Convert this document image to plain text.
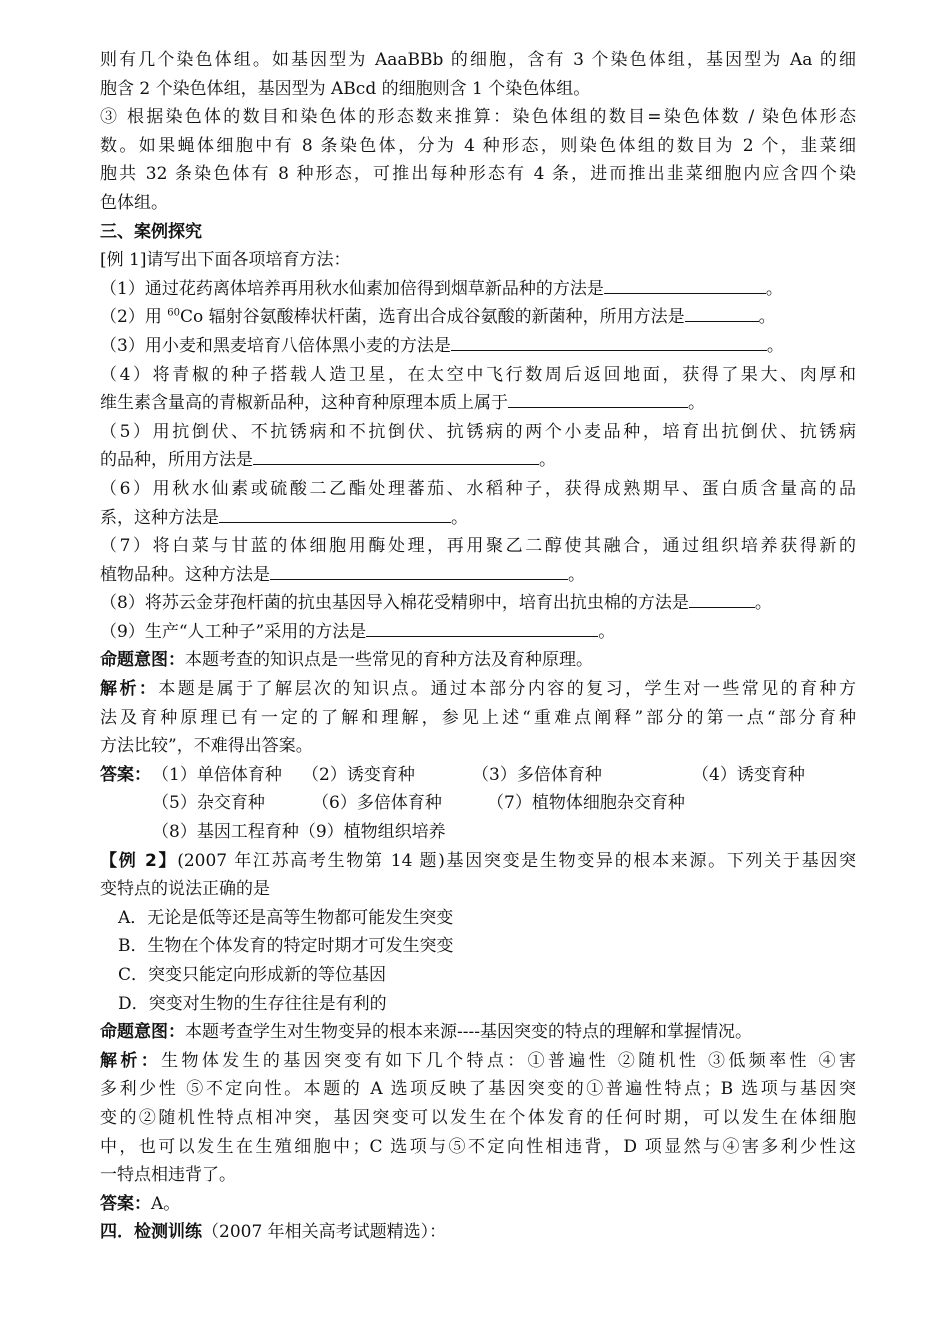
则有几个染色体组。如基因型为 AaaBBb 的细胞，含有 3 个染色体组，基因型为 Aa 的细
胞含 2 个染色体组，基因型为 ABcd 的细胞则含 1 个染色体组。
③ 根据染色体的数目和染色体的形态数来推算：染色体组的数目=染色体数 / 染色体形态
数。如果蝇体细胞中有 8 条染色体，分为 4 种形态，则染色体组的数目为 2 个，韭菜细
胞共 32 条染色体有 8 种形态，可推出每种形态有 4 条，进而推出韭菜细胞内应含四个染
色体组。
三、案例探究
[例 1]请写出下面各项培育方法：
（1）通过花药离体培养再用秋水仙素加倍得到烟草新品种的方法是	。
（2）用 $^{60}$Co 辐射谷氨酸棒状杆菌，选育出合成谷氨酸的新菌种，所用方法是	。
（3）用小麦和黑麦培育八倍体黑小麦的方法是	。
（4）将青椒的种子搭载人造卫星，在太空中飞行数周后返回地面，获得了果大、肉厚和
维生素含量高的青椒新品种，这种育种原理本质上属于	。
（5）用抗倒伏、不抗锈病和不抗倒伏、抗锈病的两个小麦品种，培育出抗倒伏、抗锈病
的品种，所用方法是	。
（6）用秋水仙素或硫酸二乙酯处理蕃茄、水稻种子，获得成熟期早、蛋白质含量高的品
系，这种方法是	。
（7）将白菜与甘蓝的体细胞用酶处理，再用聚乙二醇使其融合，通过组织培养获得新的
植物品种。这种方法是	。
（8）将苏云金芽孢杆菌的抗虫基因导入棉花受精卵中，培育出抗虫棉的方法是	。
（9）生产“人工种子”采用的方法是	。
命题意图：本题考查的知识点是一些常见的育种方法及育种原理。
解析：本题是属于了解层次的知识点。通过本部分内容的复习，学生对一些常见的育种方
法及育种原理已有一定的了解和理解，参见上述“重难点阐释”部分的第一点“部分育种
方法比较”，不难得出答案。
答案：（1）单倍体育种 （2）诱变育种	（3）多倍体育种	（4）诱变育种
（5）杂交育种	（6）多倍体育种	（7）植物体细胞杂交育种
（8）基因工程育种（9）植物组织培养
【例 2】(2007 年江苏高考生物第 14 题)基因突变是生物变异的根本来源。下列关于基因突
变特点的说法正确的是
A．无论是低等还是高等生物都可能发生突变
B．生物在个体发育的特定时期才可发生突变
C．突变只能定向形成新的等位基因
D．突变对生物的生存往往是有利的
命题意图：本题考查学生对生物变异的根本来源----基因突变的特点的理解和掌握情况。
解析：生物体发生的基因突变有如下几个特点：①普遍性 ②随机性 ③低频率性 ④害
多利少性 ⑤不定向性。本题的 A 选项反映了基因突变的①普遍性特点；B 选项与基因突
变的②随机性特点相冲突，基因突变可以发生在个体发育的任何时期，可以发生在体细胞
中，也可以发生在生殖细胞中；C 选项与⑤不定向性相违背，D 项显然与④害多利少性这
一特点相违背了。
答案：A。
四．检测训练（2007 年相关高考试题精选）：
